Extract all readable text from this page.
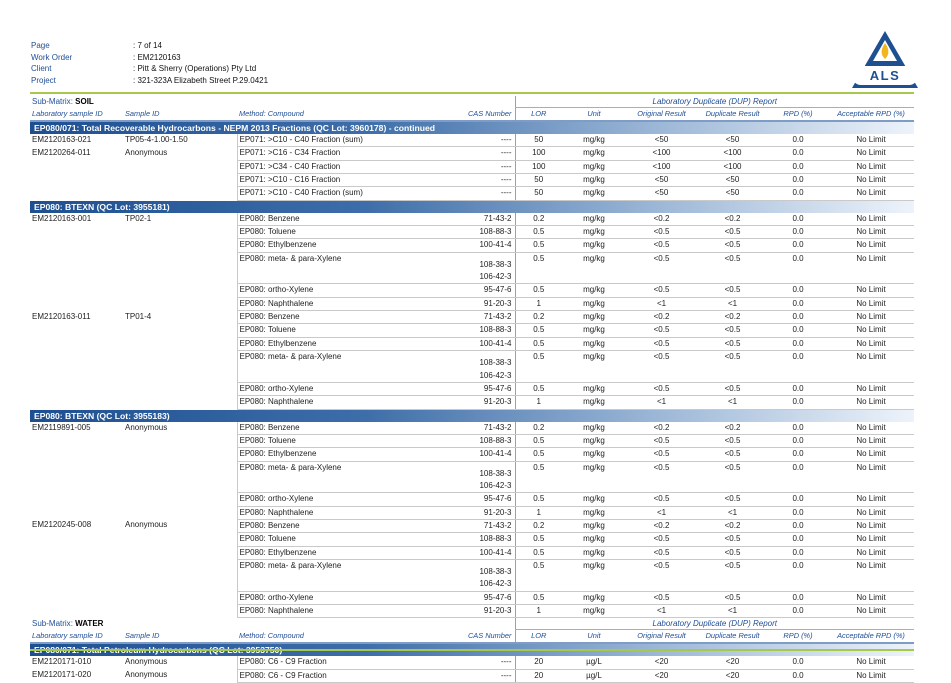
Page	: 7 of 14
Work Order	: EM2120163
Client	: Pitt & Sherry (Operations) Pty Ltd
Project	: 321-323A Elizabeth Street P.29.0421	ALS
Sub-Matrix: SOIL				Laboratory Duplicate (DUP) Report					
Laboratory sample ID	Sample ID	Method: Compound	CAS Number	LOR	Unit	Original Result	Duplicate Result	RPD (%)	Acceptable RPD (%)
EP080/071: Total Recoverable Hydrocarbons - NEPM 2013 Fractions (QC Lot: 3960178) - continued									
EM2120163-021	TP05-4-1.00-1.50	EP071: >C10 - C40 Fraction (sum)	----	50	mg/kg	<50	<50	0.0	No Limit
EM2120264-011	Anonymous	EP071: >C16 - C34 Fraction	----	100	mg/kg	<100	<100	0.0	No Limit
		EP071: >C34 - C40 Fraction	----	100	mg/kg	<100	<100	0.0	No Limit
		EP071: >C10 - C16 Fraction	----	50	mg/kg	<50	<50	0.0	No Limit
		EP071: >C10 - C40 Fraction (sum)	----	50	mg/kg	<50	<50	0.0	No Limit
EP080: BTEXN (QC Lot: 3955181)									
EM2120163-001	TP02-1	EP080: Benzene	71-43-2	0.2	mg/kg	<0.2	<0.2	0.0	No Limit
		EP080: Toluene	108-88-3	0.5	mg/kg	<0.5	<0.5	0.0	No Limit
		EP080: Ethylbenzene	100-41-4	0.5	mg/kg	<0.5	<0.5	0.0	No Limit
		EP080: meta- & para-Xylene	108-38-3
106-42-3	0.5	mg/kg	<0.5	<0.5	0.0	No Limit
		EP080: ortho-Xylene	95-47-6	0.5	mg/kg	<0.5	<0.5	0.0	No Limit
		EP080: Naphthalene	91-20-3	1	mg/kg	<1	<1	0.0	No Limit
EM2120163-011	TP01-4	EP080: Benzene	71-43-2	0.2	mg/kg	<0.2	<0.2	0.0	No Limit
		EP080: Toluene	108-88-3	0.5	mg/kg	<0.5	<0.5	0.0	No Limit
		EP080: Ethylbenzene	100-41-4	0.5	mg/kg	<0.5	<0.5	0.0	No Limit
		EP080: meta- & para-Xylene	108-38-3
106-42-3	0.5	mg/kg	<0.5	<0.5	0.0	No Limit
		EP080: ortho-Xylene	95-47-6	0.5	mg/kg	<0.5	<0.5	0.0	No Limit
		EP080: Naphthalene	91-20-3	1	mg/kg	<1	<1	0.0	No Limit
EP080: BTEXN (QC Lot: 3955183)									
EM2119891-005	Anonymous	EP080: Benzene	71-43-2	0.2	mg/kg	<0.2	<0.2	0.0	No Limit
		EP080: Toluene	108-88-3	0.5	mg/kg	<0.5	<0.5	0.0	No Limit
		EP080: Ethylbenzene	100-41-4	0.5	mg/kg	<0.5	<0.5	0.0	No Limit
		EP080: meta- & para-Xylene	108-38-3
106-42-3	0.5	mg/kg	<0.5	<0.5	0.0	No Limit
		EP080: ortho-Xylene	95-47-6	0.5	mg/kg	<0.5	<0.5	0.0	No Limit
		EP080: Naphthalene	91-20-3	1	mg/kg	<1	<1	0.0	No Limit
EM2120245-008	Anonymous	EP080: Benzene	71-43-2	0.2	mg/kg	<0.2	<0.2	0.0	No Limit
		EP080: Toluene	108-88-3	0.5	mg/kg	<0.5	<0.5	0.0	No Limit
		EP080: Ethylbenzene	100-41-4	0.5	mg/kg	<0.5	<0.5	0.0	No Limit
		EP080: meta- & para-Xylene	108-38-3
106-42-3	0.5	mg/kg	<0.5	<0.5	0.0	No Limit
		EP080: ortho-Xylene	95-47-6	0.5	mg/kg	<0.5	<0.5	0.0	No Limit
		EP080: Naphthalene	91-20-3	1	mg/kg	<1	<1	0.0	No Limit
Sub-Matrix: WATER				Laboratory Duplicate (DUP) Report					
Laboratory sample ID	Sample ID	Method: Compound	CAS Number	LOR	Unit	Original Result	Duplicate Result	RPD (%)	Acceptable RPD (%)

EM2120171-010	Anonymous	EP080: C6 - C9 Fraction	----	20	µg/L	<20	<20	0.0	No Limit
EM2120171-020	Anonymous	EP080: C6 - C9 Fraction	----	20	µg/L	<20	<20	0.0	No Limit
